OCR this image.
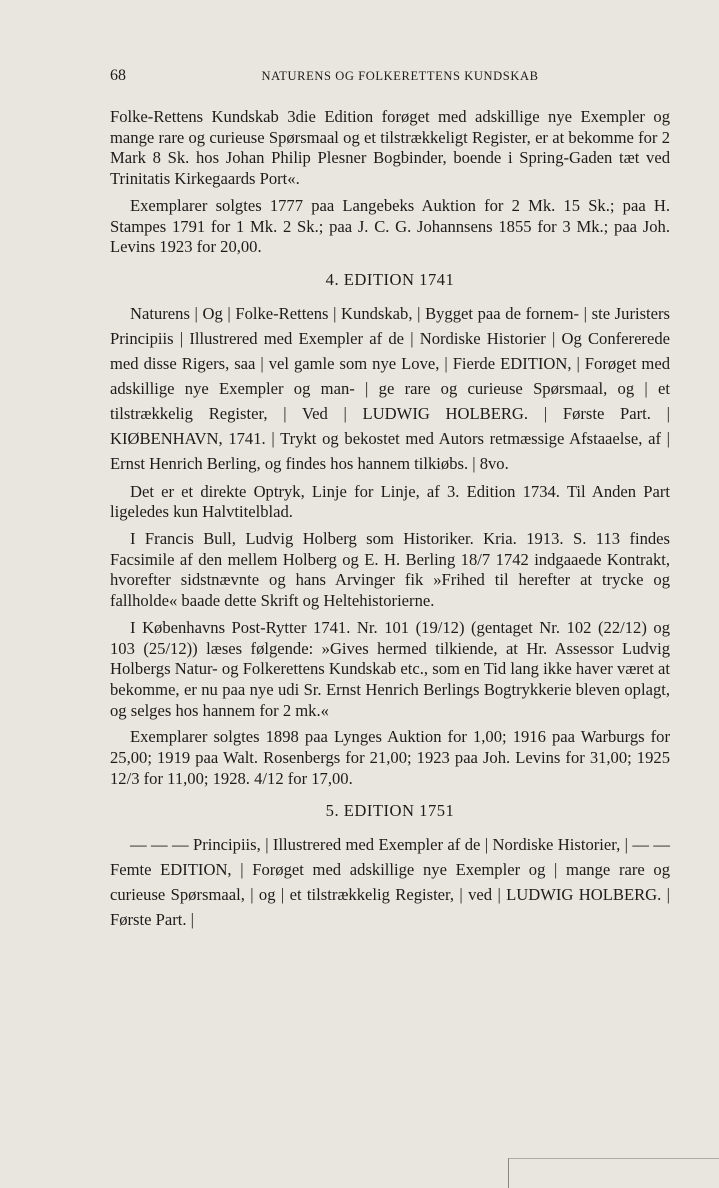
68	NATURENS OG FOLKERETTENS KUNDSKAB

Folke-Rettens Kundskab 3die Edition forøget med adskillige nye Exempler og mange rare og curieuse Spørsmaal og et tilstrækkeligt Register, er at bekomme for 2 Mark 8 Sk. hos Johan Philip Plesner Bogbinder, boende i Spring-Gaden tæt ved Trinitatis Kirkegaards Port«.

Exemplarer solgtes 1777 paa Langebeks Auktion for 2 Mk. 15 Sk.; paa H. Stampes 1791 for 1 Mk. 2 Sk.; paa J. C. G. Johannsens 1855 for 3 Mk.; paa Joh. Levins 1923 for 20,00.

4. EDITION 1741

Naturens | Og | Folke-Rettens | Kundskab, | Bygget paa de fornem- | ste Juristers Principiis | Illustrered med Exempler af de | Nordiske Historier | Og Confererede med disse Rigers, saa | vel gamle som nye Love, | Fierde EDITION, | Forøget med adskillige nye Exempler og man- | ge rare og curieuse Spørsmaal, og | et tilstrækkelig Register, | Ved | LUDWIG HOLBERG. | Første Part. | KIØBENHAVN, 1741. | Trykt og bekostet med Autors retmæssige Afstaaelse, af | Ernst Henrich Berling, og findes hos hannem tilkiøbs. | 8vo.

Det er et direkte Optryk, Linje for Linje, af 3. Edition 1734. Til Anden Part ligeledes kun Halvtitelblad.

I Francis Bull, Ludvig Holberg som Historiker. Kria. 1913. S. 113 findes Facsimile af den mellem Holberg og E. H. Berling 18/7 1742 indgaaede Kontrakt, hvorefter sidstnævnte og hans Arvinger fik »Frihed til herefter at trycke og fallholde« baade dette Skrift og Heltehistorierne.

I Københavns Post-Rytter 1741. Nr. 101 (19/12) (gentaget Nr. 102 (22/12) og 103 (25/12)) læses følgende: »Gives hermed tilkiende, at Hr. Assessor Ludvig Holbergs Natur- og Folkerettens Kundskab etc., som en Tid lang ikke haver været at bekomme, er nu paa nye udi Sr. Ernst Henrich Berlings Bogtrykkerie bleven oplagt, og selges hos hannem for 2 mk.«

Exemplarer solgtes 1898 paa Lynges Auktion for 1,00; 1916 paa Warburgs for 25,00; 1919 paa Walt. Rosenbergs for 21,00; 1923 paa Joh. Levins for 31,00; 1925 12/3 for 11,00; 1928. 4/12 for 17,00.

5. EDITION 1751

— — — Principiis, | Illustrered med Exempler af de | Nordiske Historier, | — — Femte EDITION, | Forøget med adskillige nye Exempler og | mange rare og curieuse Spørsmaal, | og | et tilstrækkelig Register, | ved | LUDWIG HOLBERG. | Første Part. |
